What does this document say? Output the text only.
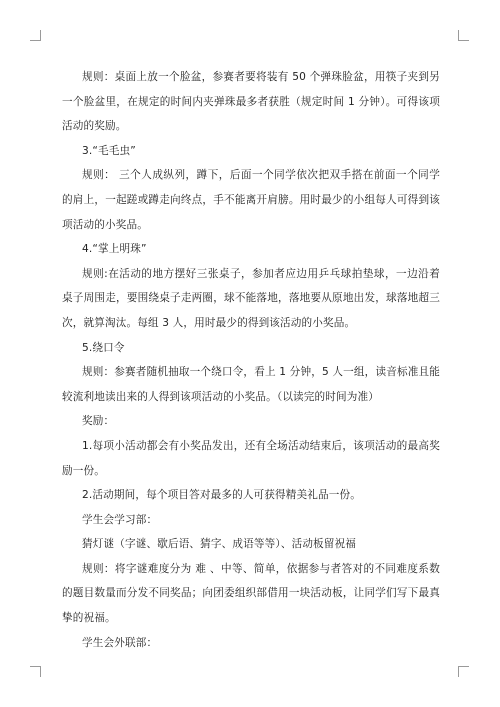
规则：桌面上放一个脸盆，参赛者要将装有 50 个弹珠脸盆，用筷子夹到另一个脸盆里，在规定的时间内夹弹珠最多者获胜（规定时间 1 分钟）。可得该项活动的奖励。

3.“毛毛虫”

规则： 三个人成纵列，蹲下，后面一个同学依次把双手搭在前面一个同学的肩上，一起蹉或蹲走向终点，手不能离开肩膀。用时最少的小组每人可得到该项活动的小奖品。

4.“掌上明珠”

规则:在活动的地方摆好三张桌子，参加者应边用乒乓球拍垫球，一边沿着桌子周围走，要围绕桌子走两圈，球不能落地，落地要从原地出发，球落地超三次，就算淘汰。每组 3 人，用时最少的得到该活动的小奖品。

5.绕口令

规则：参赛者随机抽取一个绕口令，看上 1 分钟，5 人一组，读音标准且能较流利地读出来的人得到该项活动的小奖品。（以读完的时间为准）

奖励：

1.每项小活动都会有小奖品发出，还有全场活动结束后，该项活动的最高奖励一份。

2.活动期间，每个项目答对最多的人可获得精美礼品一份。

学生会学习部：

猜灯谜（字谜、歇后语、猜字、成语等等）、活动板留祝福

规则：将字谜难度分为 难 、中等、简单，依据参与者答对的不同难度系数的题目数量而分发不同奖品；向团委组织部借用一块活动板，让同学们写下最真挚的祝福。

学生会外联部：
